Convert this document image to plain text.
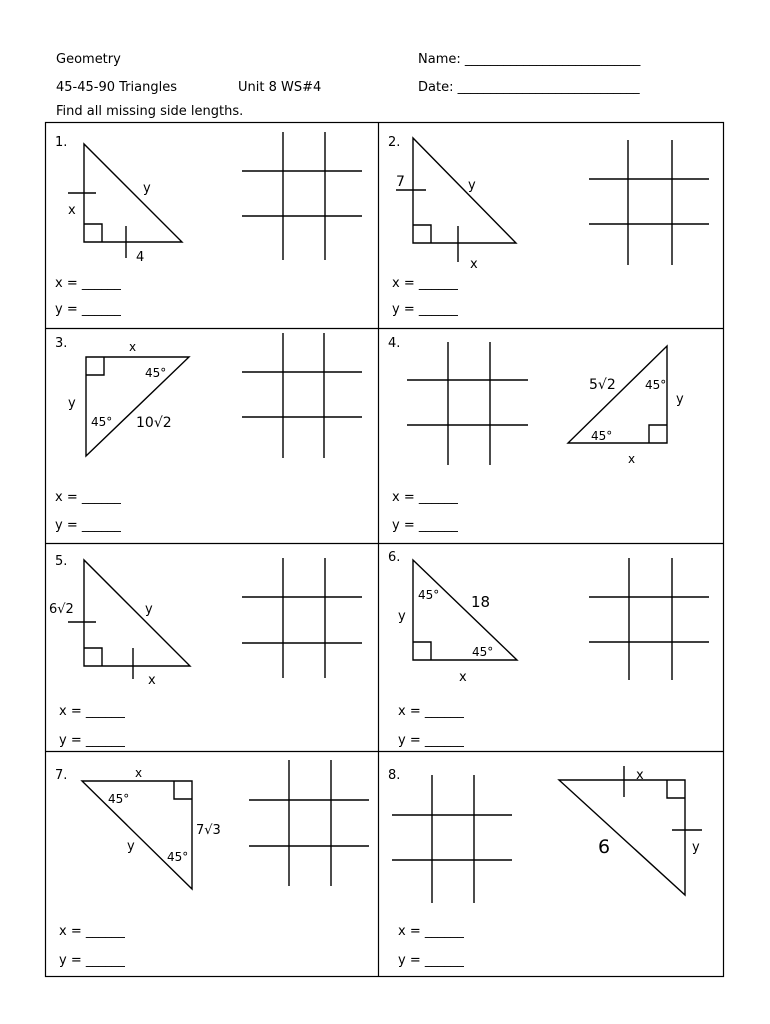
Geometry	Name: ___________________________
45-45-90 Triangles	Unit 8 WS#4	Date: ____________________________
Find all missing side lengths.
1.
x
y
4
x = ______
y = ______
2.
7	y
x
x = ______
y = ______
3.	x
y
45°
45° 10√2
x = ______
y = ______
4.
5√2 45°
y
45°
x
x = ______
y = ______
5.
6√2	y
x
x = ______
y = ______
6.
45° 18
y
45°
x
x = ______
y = ______
7.	x
45°
7√3
y
45°
x = ______
y = ______
8.	x
6	y
x = ______
y = ______
